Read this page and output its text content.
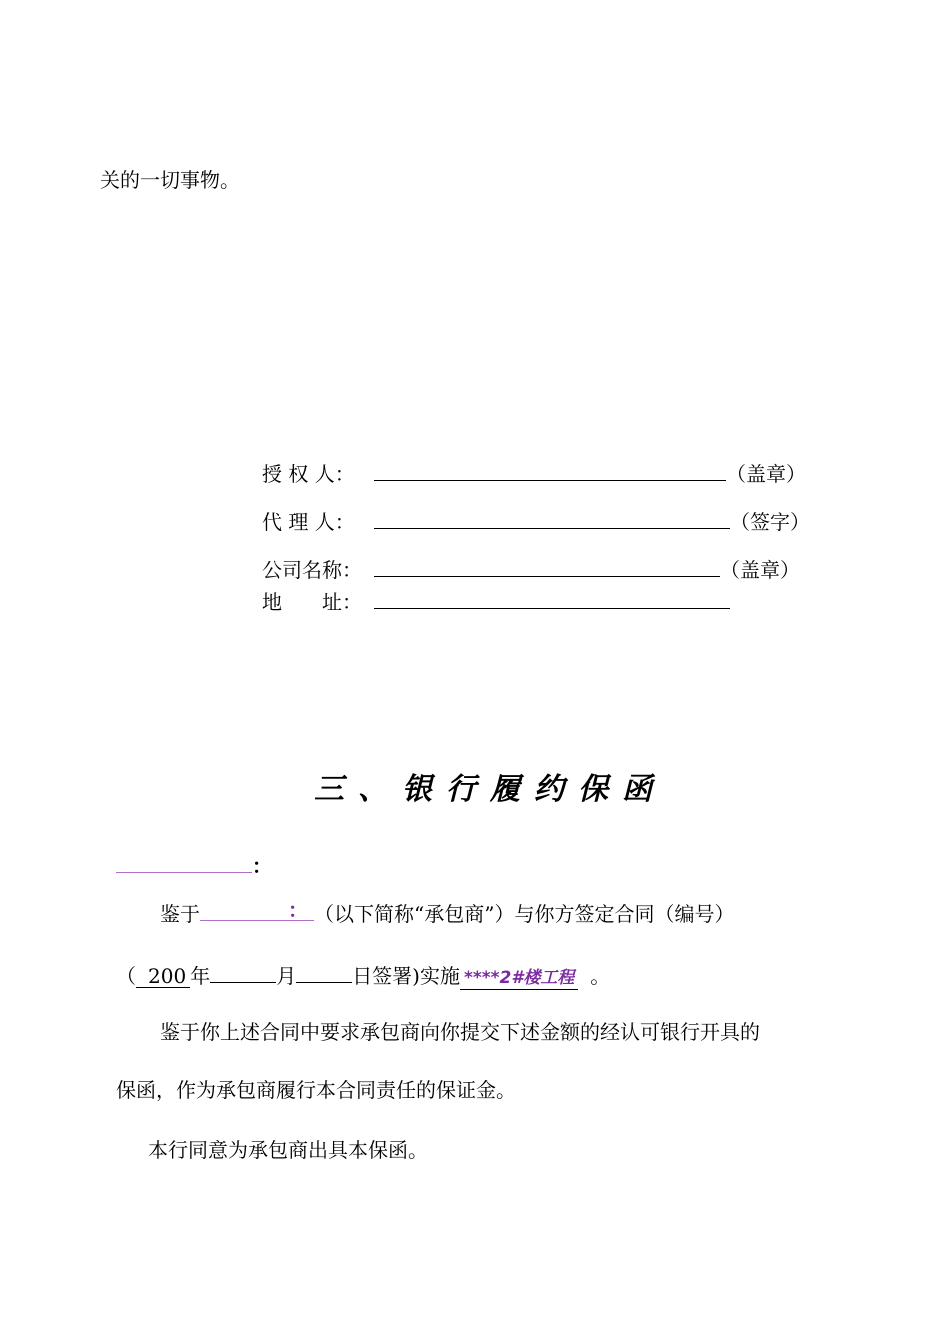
关的一切事物。
授 权 人：	（盖章）
代 理 人：	（签字）
公司名称：	（盖章）
地　　址：
三、银行履约保函
：
鉴于	： （以下简称“承包商”）与你方签定合同（编号）
（ 200 年	月	日签署)实施 ****2#楼工程 。
鉴于你上述合同中要求承包商向你提交下述金额的经认可银行开具的
保函，作为承包商履行本合同责任的保证金。
本行同意为承包商出具本保函。
